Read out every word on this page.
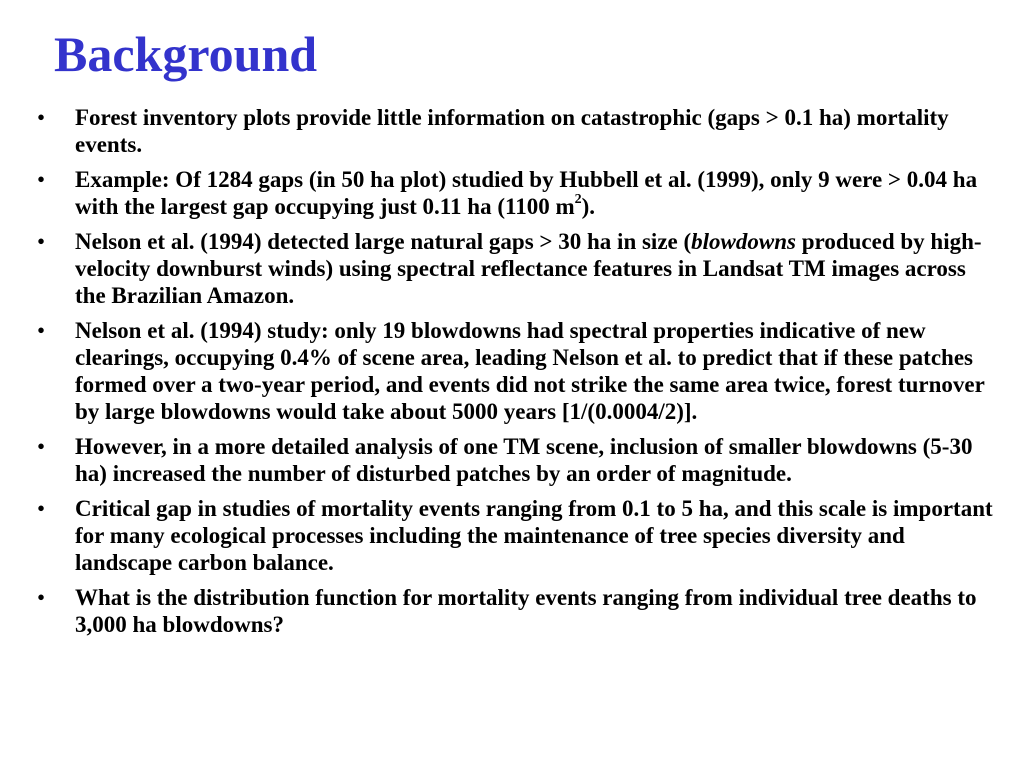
Background
• Forest inventory plots provide little information on catastrophic (gaps > 0.1 ha) mortality events.
• Example: Of 1284 gaps (in 50 ha plot) studied by Hubbell et al. (1999), only 9 were > 0.04 ha with the largest gap occupying just 0.11 ha (1100 $m^2$).
• Nelson et al. (1994) detected large natural gaps > 30 ha in size (blowdowns produced by high-velocity downburst winds) using spectral reflectance features in Landsat TM images across the Brazilian Amazon.
• Nelson et al. (1994) study: only 19 blowdowns had spectral properties indicative of new clearings, occupying 0.4% of scene area, leading Nelson et al. to predict that if these patches formed over a two-year period, and events did not strike the same area twice, forest turnover by large blowdowns would take about 5000 years [1/(0.0004/2)].
• However, in a more detailed analysis of one TM scene, inclusion of smaller blowdowns (5-30 ha) increased the number of disturbed patches by an order of magnitude.
• Critical gap in studies of mortality events ranging from 0.1 to 5 ha, and this scale is important for many ecological processes including the maintenance of tree species diversity and landscape carbon balance.
• What is the distribution function for mortality events ranging from individual tree deaths to 3,000 ha blowdowns?
